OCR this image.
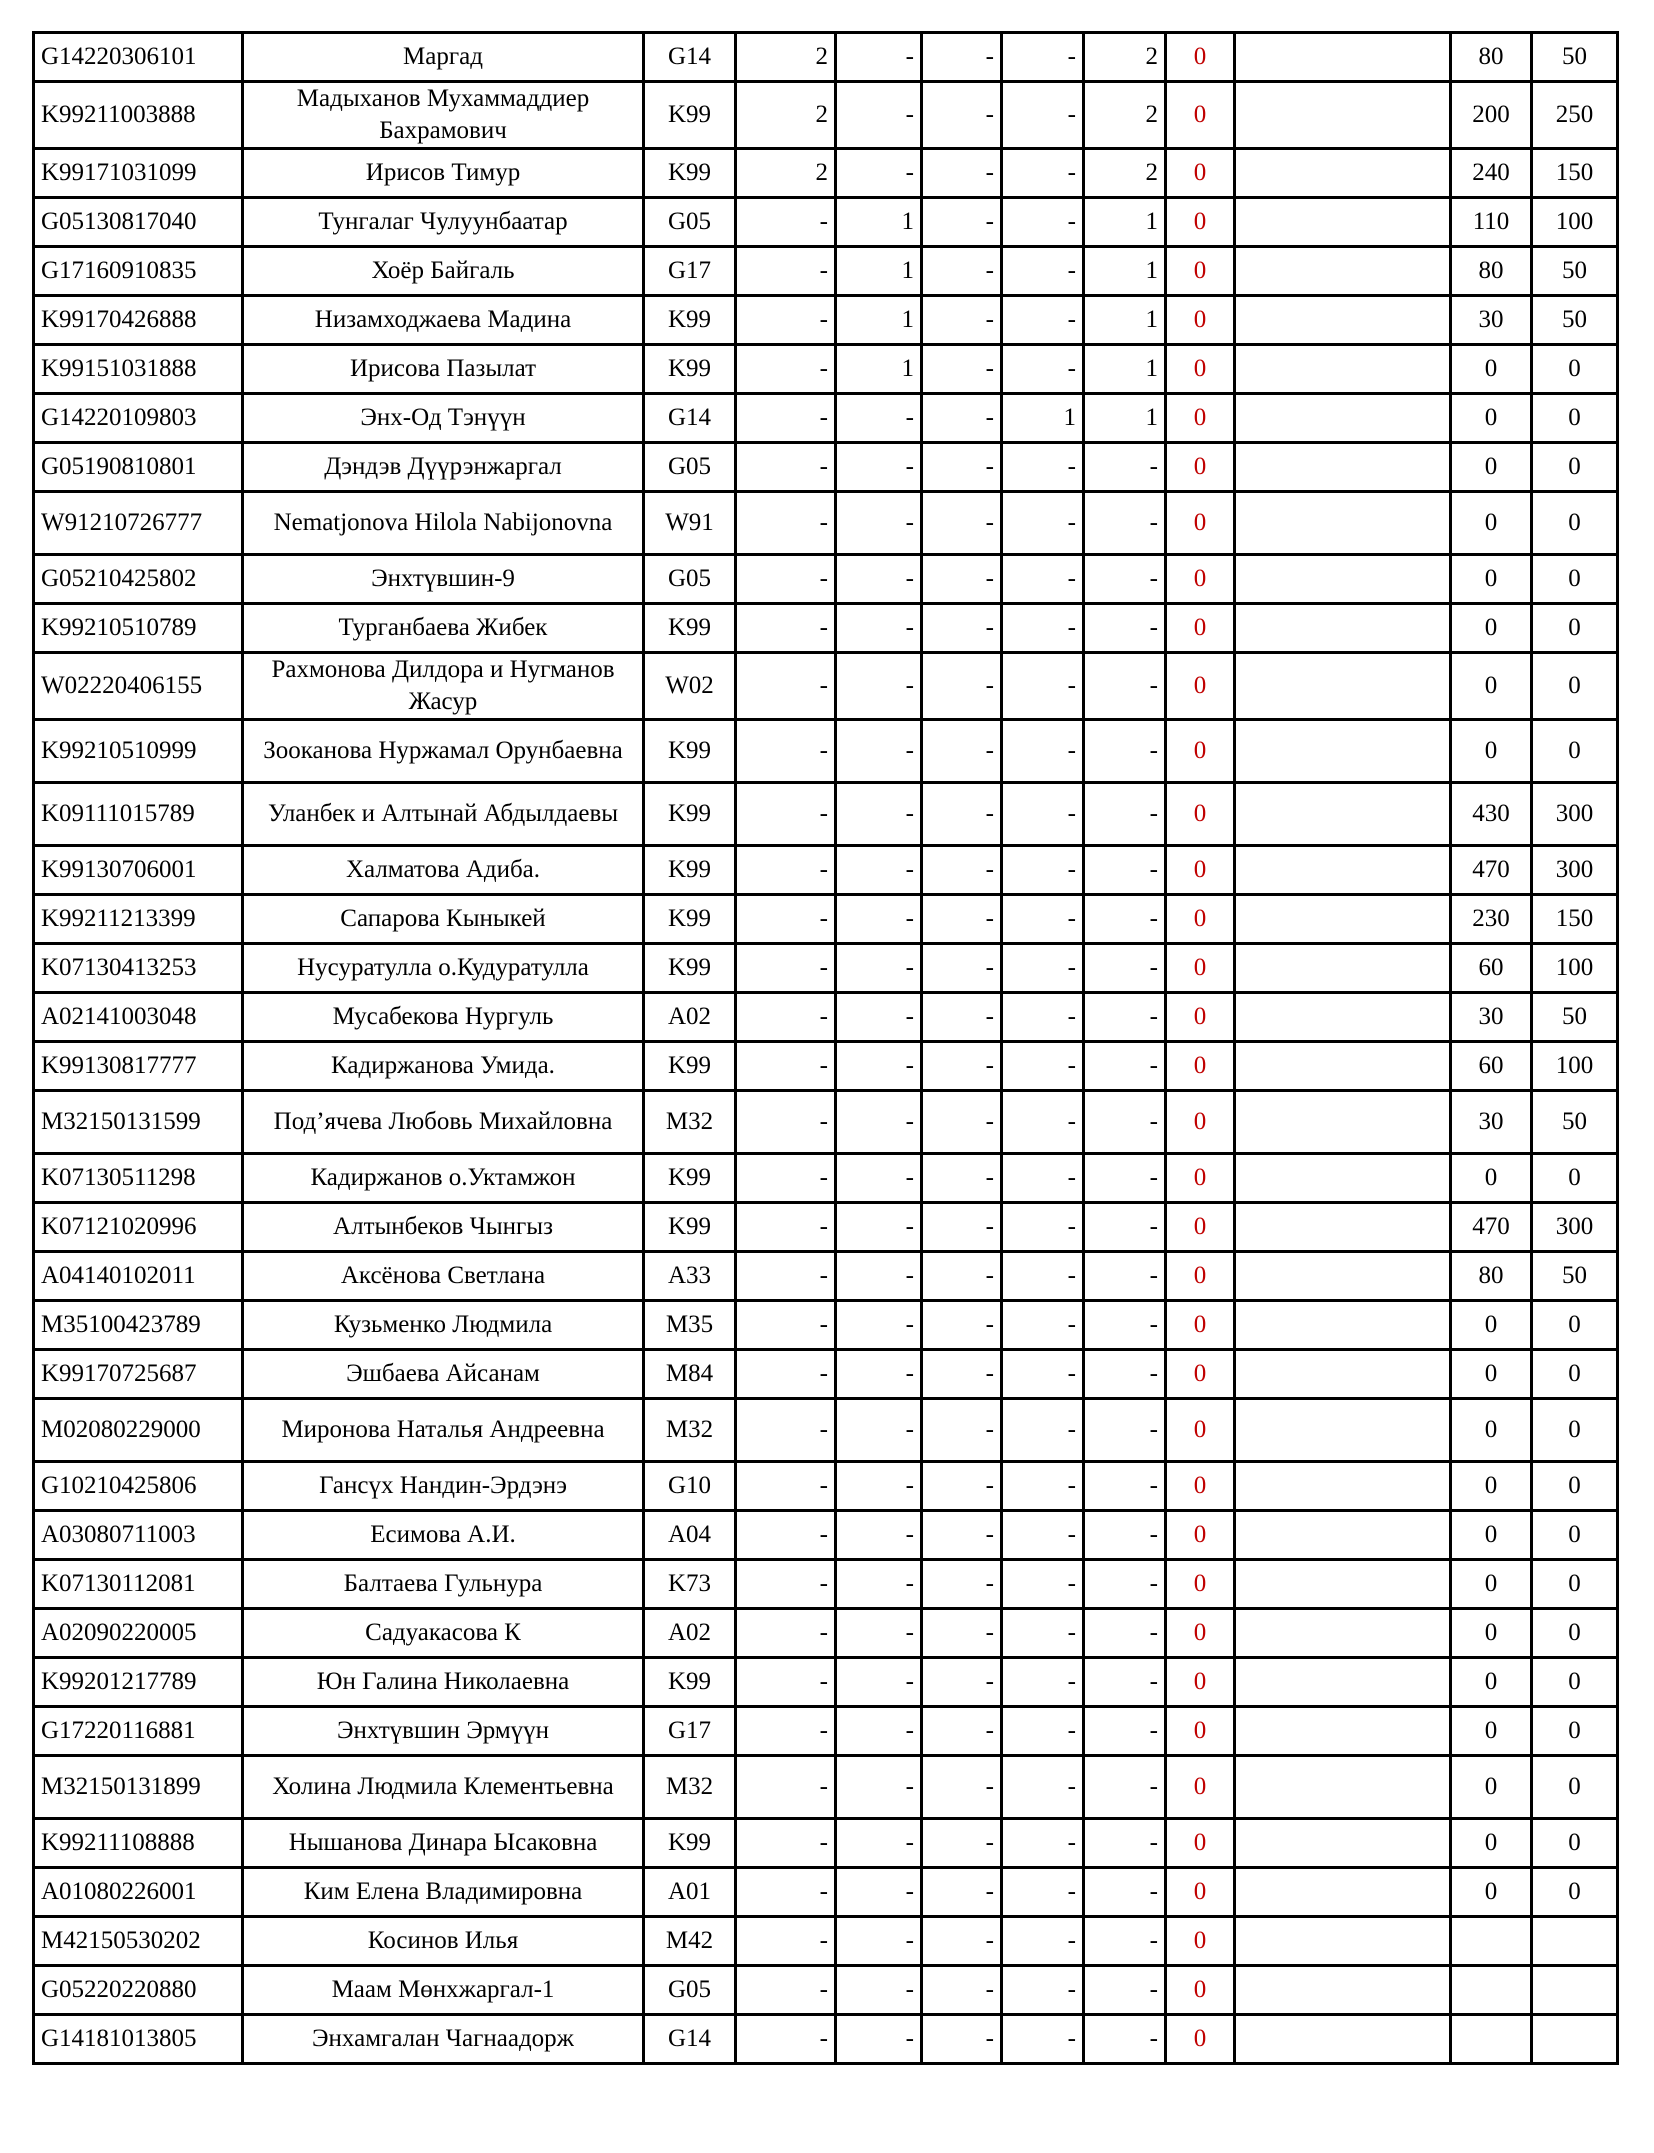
G14220306101	Маргад	G14	2	-	-	-	2	0		80	50
K99211003888	Мадыханов Мухаммаддиер Бахрамович	K99	2	-	-	-	2	0		200	250
K99171031099	Ирисов Тимур	K99	2	-	-	-	2	0		240	150
G05130817040	Тунгалаг Чулуунбаатар	G05	-	1	-	-	1	0		110	100
G17160910835	Хоёр Байгаль	G17	-	1	-	-	1	0		80	50
K99170426888	Низамходжаева Мадина	K99	-	1	-	-	1	0		30	50
K99151031888	Ирисова Пазылат	K99	-	1	-	-	1	0		0	0
G14220109803	Энх-Од Тэнүүн	G14	-	-	-	1	1	0		0	0
G05190810801	Дэндэв Дүүрэнжаргал	G05	-	-	-	-	-	0		0	0
W91210726777	Nematjonova Hilola Nabijonovna	W91	-	-	-	-	-	0		0	0
G05210425802	Энхтүвшин-9	G05	-	-	-	-	-	0		0	0
K99210510789	Турганбаева Жибек	K99	-	-	-	-	-	0		0	0
W02220406155	Рахмонова Дилдора и Нугманов Жасур	W02	-	-	-	-	-	0		0	0
K99210510999	Зооканова Нуржамал Орунбаевна	K99	-	-	-	-	-	0		0	0
K09111015789	Уланбек и Алтынай Абдылдаевы	K99	-	-	-	-	-	0		430	300
K99130706001	Халматова Адиба.	K99	-	-	-	-	-	0		470	300
K99211213399	Сапарова Кыныкей	K99	-	-	-	-	-	0		230	150
K07130413253	Нусуратулла о.Кудуратулла	K99	-	-	-	-	-	0		60	100
A02141003048	Мусабекова Нургуль	A02	-	-	-	-	-	0		30	50
K99130817777	Кадиржанова Умида.	K99	-	-	-	-	-	0		60	100
M32150131599	Под’ячева Любовь Михайловна	M32	-	-	-	-	-	0		30	50
K07130511298	Кадиржанов о.Уктамжон	K99	-	-	-	-	-	0		0	0
K07121020996	Алтынбеков Чынгыз	K99	-	-	-	-	-	0		470	300
A04140102011	Аксёнова Светлана	A33	-	-	-	-	-	0		80	50
M35100423789	Кузьменко Людмила	M35	-	-	-	-	-	0		0	0
K99170725687	Эшбаева Айсанам	M84	-	-	-	-	-	0		0	0
M02080229000	Миронова Наталья Андреевна	M32	-	-	-	-	-	0		0	0
G10210425806	Гансүх Нандин-Эрдэнэ	G10	-	-	-	-	-	0		0	0
A03080711003	Есимова А.И.	A04	-	-	-	-	-	0		0	0
K07130112081	Балтаева Гульнура	K73	-	-	-	-	-	0		0	0
A02090220005	Садуакасова К	A02	-	-	-	-	-	0		0	0
K99201217789	Юн Галина Николаевна	K99	-	-	-	-	-	0		0	0
G17220116881	Энхтүвшин Эрмүүн	G17	-	-	-	-	-	0		0	0
M32150131899	Холина Людмила Клементьевна	M32	-	-	-	-	-	0		0	0
K99211108888	Нышанова Динара Ысаковна	K99	-	-	-	-	-	0		0	0
A01080226001	Ким Елена Владимировна	A01	-	-	-	-	-	0		0	0
M42150530202	Косинов Илья	M42	-	-	-	-	-	0			
G05220220880	Маам Мөнхжаргал-1	G05	-	-	-	-	-	0			
G14181013805	Энхамгалан Чагнаадорж	G14	-	-	-	-	-	0			
